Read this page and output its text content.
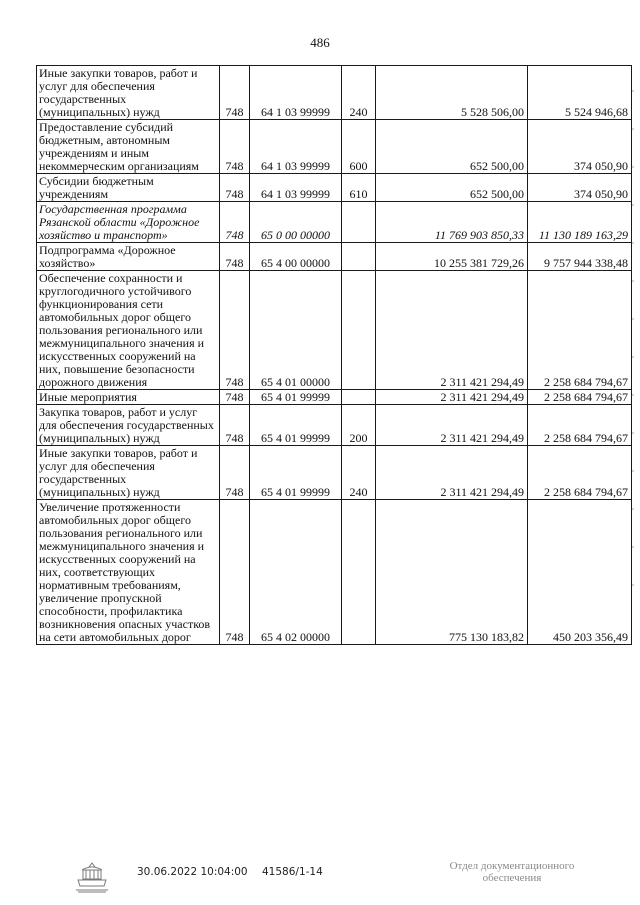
486
Иные закупки товаров, работ и услуг для обеспечения государственных (муниципальных) нужд	748	64 1 03 99999	240	5 528 506,00	5 524 946,68
Предоставление субсидий бюджетным, автономным учреждениям и иным некоммерческим организациям	748	64 1 03 99999	600	652 500,00	374 050,90
Субсидии бюджетным учреждениям	748	64 1 03 99999	610	652 500,00	374 050,90
Государственная программа Рязанской области «Дорожное хозяйство и транспорт»	748	65 0 00 00000		11 769 903 850,33	11 130 189 163,29
Подпрограмма «Дорожное хозяйство»	748	65 4 00 00000		10 255 381 729,26	9 757 944 338,48
Обеспечение сохранности и круглогодичного устойчивого функционирования сети автомобильных дорог общего пользования регионального или межмуниципального значения и искусственных сооружений на них, повышение безопасности дорожного движения	748	65 4 01 00000		2 311 421 294,49	2 258 684 794,67
Иные мероприятия	748	65 4 01 99999		2 311 421 294,49	2 258 684 794,67
Закупка товаров, работ и услуг для обеспечения государственных (муниципальных) нужд	748	65 4 01 99999	200	2 311 421 294,49	2 258 684 794,67
Иные закупки товаров, работ и услуг для обеспечения государственных (муниципальных) нужд	748	65 4 01 99999	240	2 311 421 294,49	2 258 684 794,67
Увеличение протяженности автомобильных дорог общего пользования регионального или межмуниципального значения и искусственных сооружений на них, соответствующих нормативным требованиям, увеличение пропускной способности, профилактика возникновения опасных участков на сети автомобильных дорог	748	65 4 02 00000		775 130 183,82	450 203 356,49
30.06.2022 10:04:00 41586/1-14	Отдел документационного обеспечения
